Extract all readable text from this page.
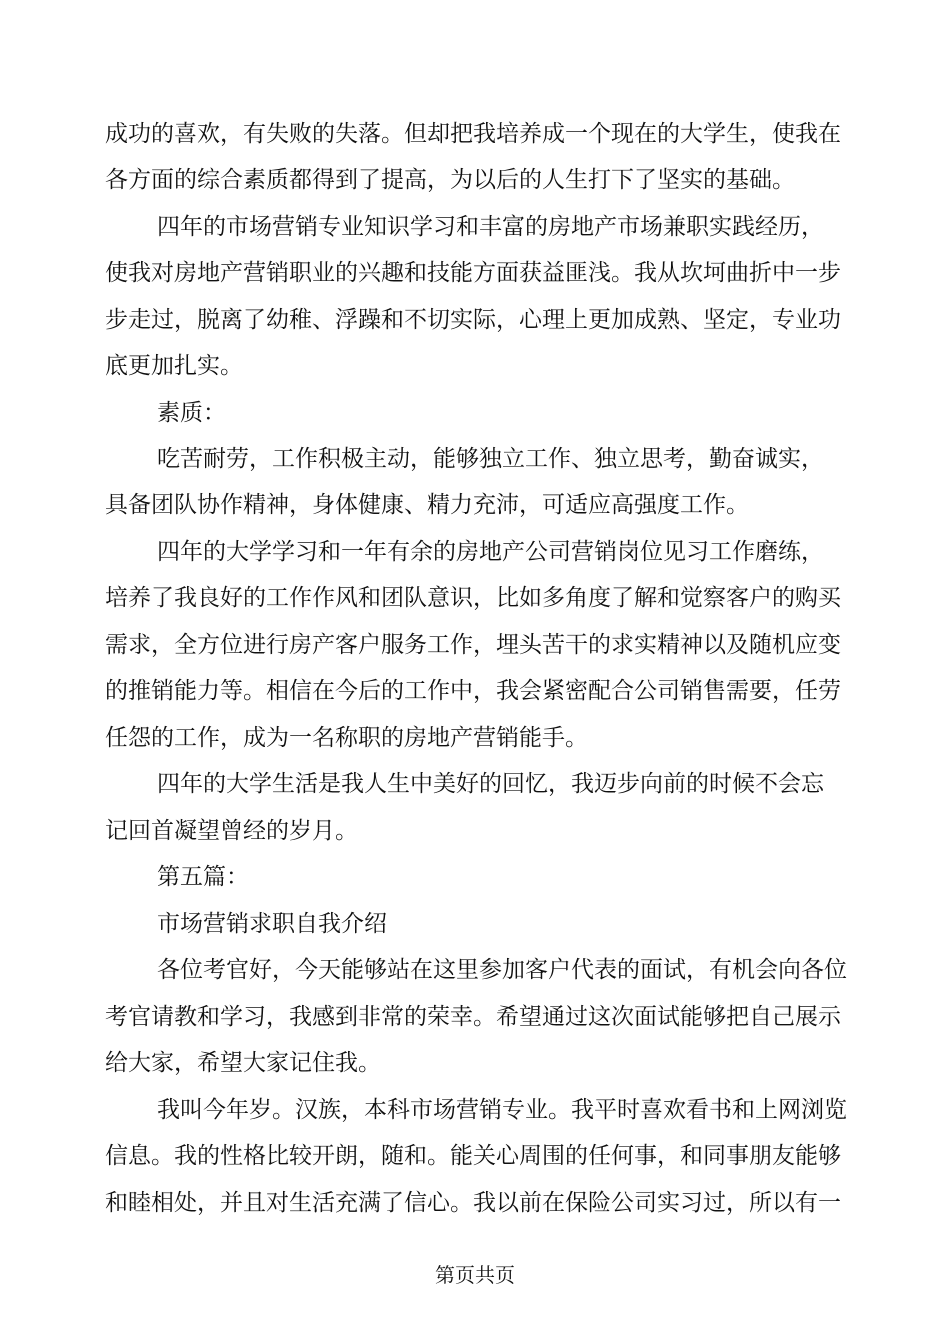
成功的喜欢，有失败的失落。但却把我培养成一个现在的大学生，使我在
各方面的综合素质都得到了提高，为以后的人生打下了坚实的基础。
四年的市场营销专业知识学习和丰富的房地产市场兼职实践经历，
使我对房地产营销职业的兴趣和技能方面获益匪浅。我从坎坷曲折中一步
步走过，脱离了幼稚、浮躁和不切实际，心理上更加成熟、坚定，专业功
底更加扎实。
素质：
吃苦耐劳，工作积极主动，能够独立工作、独立思考，勤奋诚实，
具备团队协作精神，身体健康、精力充沛，可适应高强度工作。
四年的大学学习和一年有余的房地产公司营销岗位见习工作磨练，
培养了我良好的工作作风和团队意识，比如多角度了解和觉察客户的购买
需求，全方位进行房产客户服务工作，埋头苦干的求实精神以及随机应变
的推销能力等。相信在今后的工作中，我会紧密配合公司销售需要，任劳
任怨的工作，成为一名称职的房地产营销能手。
四年的大学生活是我人生中美好的回忆，我迈步向前的时候不会忘
记回首凝望曾经的岁月。
第五篇：
市场营销求职自我介绍
各位考官好，今天能够站在这里参加客户代表的面试，有机会向各位
考官请教和学习，我感到非常的荣幸。希望通过这次面试能够把自己展示
给大家，希望大家记住我。
我叫今年岁。汉族，本科市场营销专业。我平时喜欢看书和上网浏览
信息。我的性格比较开朗，随和。能关心周围的任何事，和同事朋友能够
和睦相处，并且对生活充满了信心。我以前在保险公司实习过，所以有一
第页共页
